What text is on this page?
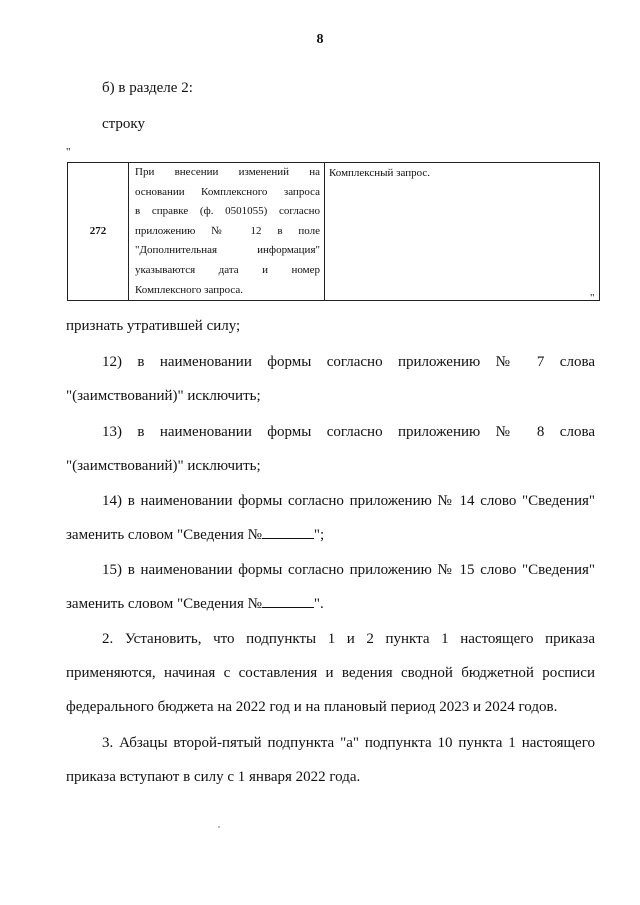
8
б) в разделе 2:
строку
"
272	
При внесении изменений на
основании Комплексного запроса
в справке (ф. 0501055) согласно
приложению № 12 в поле
"Дополнительная информация"
указываются дата и номер
Комплексного запроса.
	Комплексный запрос.
"
признать утратившей силу;
12) в наименовании формы согласно приложению № 7 слова
"(заимствований)" исключить;
13) в наименовании формы согласно приложению № 8 слова
"(заимствований)" исключить;
14) в наименовании формы согласно приложению № 14 слово "Сведения"
заменить словом "Сведения №	";
15) в наименовании формы согласно приложению № 15 слово "Сведения"
заменить словом "Сведения №	".
2. Установить, что подпункты 1 и 2 пункта 1 настоящего приказа
применяются, начиная с составления и ведения сводной бюджетной росписи
федерального бюджета на 2022 год и на плановый период 2023 и 2024 годов.
3. Абзацы второй-пятый подпункта "а" подпункта 10 пункта 1 настоящего
приказа вступают в силу с 1 января 2022 года.
